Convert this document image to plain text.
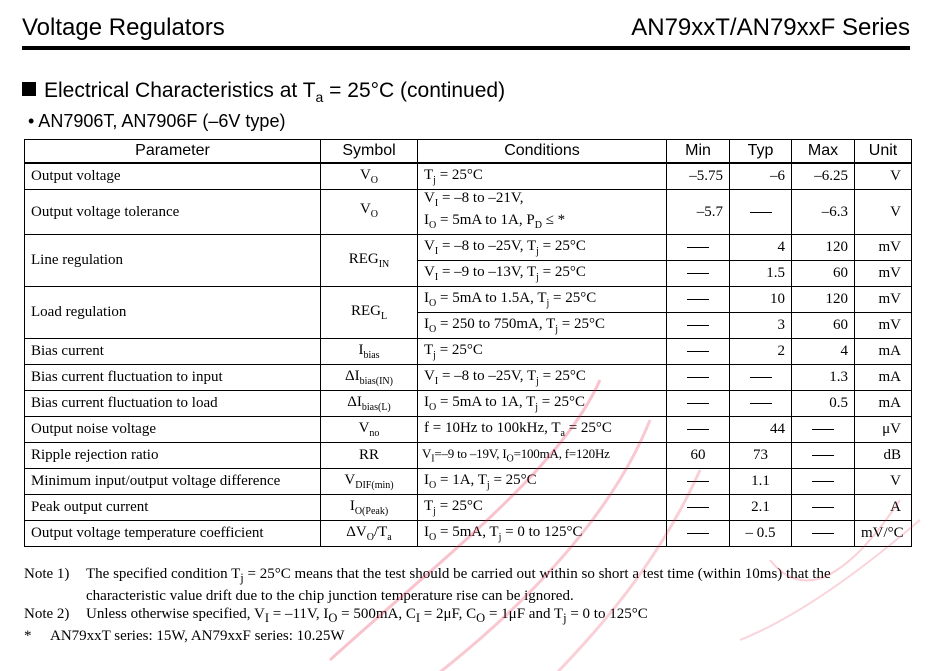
Voltage Regulators	AN79xxT/AN79xxF Series
Electrical Characteristics at $T_a = 25^\circ C$ (continued)
• AN7906T, AN7906F (–6V type)
Parameter	Symbol	Conditions	Min	Typ	Max	Unit
Output voltage	$V_O$	$T_j = 25^\circ C$	–5.75	–6	–6.25	V
Output voltage tolerance	$V_O$	$V_I = -8$ to –21V,
$I_O = 5mA$ to 1A, $P_D$ ≤ *	–5.7		–6.3	V
Line regulation	$REG_{IN}$	$V_I = -8$ to –25V, $T_j = 25^\circ C$		4	120	mV
		$V_I = -9$ to –13V, $T_j = 25^\circ C$		1.5	60	mV
Load regulation	$REG_L$	$I_O = 5mA$ to 1.5A, $T_j = 25^\circ C$		10	120	mV
		$I_O = 250$ to 750mA, $T_j = 25^\circ C$		3	60	mV
Bias current	$I_{bias}$	$T_j = 25^\circ C$		2	4	mA
Bias current fluctuation to input	$\Delta I_{bias(IN)}$	$V_I = -8$ to –25V, $T_j = 25^\circ C$			1.3	mA
Bias current fluctuation to load	$\Delta I_{bias(L)}$	$I_O = 5mA$ to 1A, $T_j = 25^\circ C$			0.5	mA
Output noise voltage	$V_{no}$	f = 10Hz to 100kHz, $T_a = 25^\circ C$		44		μV
Ripple rejection ratio	RR	$V_I=-9$ to –19V, $I_O=100mA$, f=120Hz	60	73		dB
Minimum input/output voltage difference	$V_{DIF(min)}$	$I_O = 1A$, $T_j = 25^\circ C$		1.1		V
Peak output current	$I_{O(Peak)}$	$T_j = 25^\circ C$		2.1		A
Output voltage temperature coefficient	$\Delta V_O/T_a$	$I_O = 5mA$, $T_j = 0$ to 125°C		– 0.5		mV/°C
Note 1) The specified condition $T_j = 25^\circ C$ means that the test should be carried out within so short a test time (within 10ms) that the characteristic value drift due to the chip junction temperature rise can be ignored.
Note 2) Unless otherwise specified, $V_I = -11V$, $I_O = 500mA$, $C_I = 2\mu F$, $C_O = 1\mu F$ and $T_j = 0$ to 125°C
* AN79xxT series: 15W, AN79xxF series: 10.25W
